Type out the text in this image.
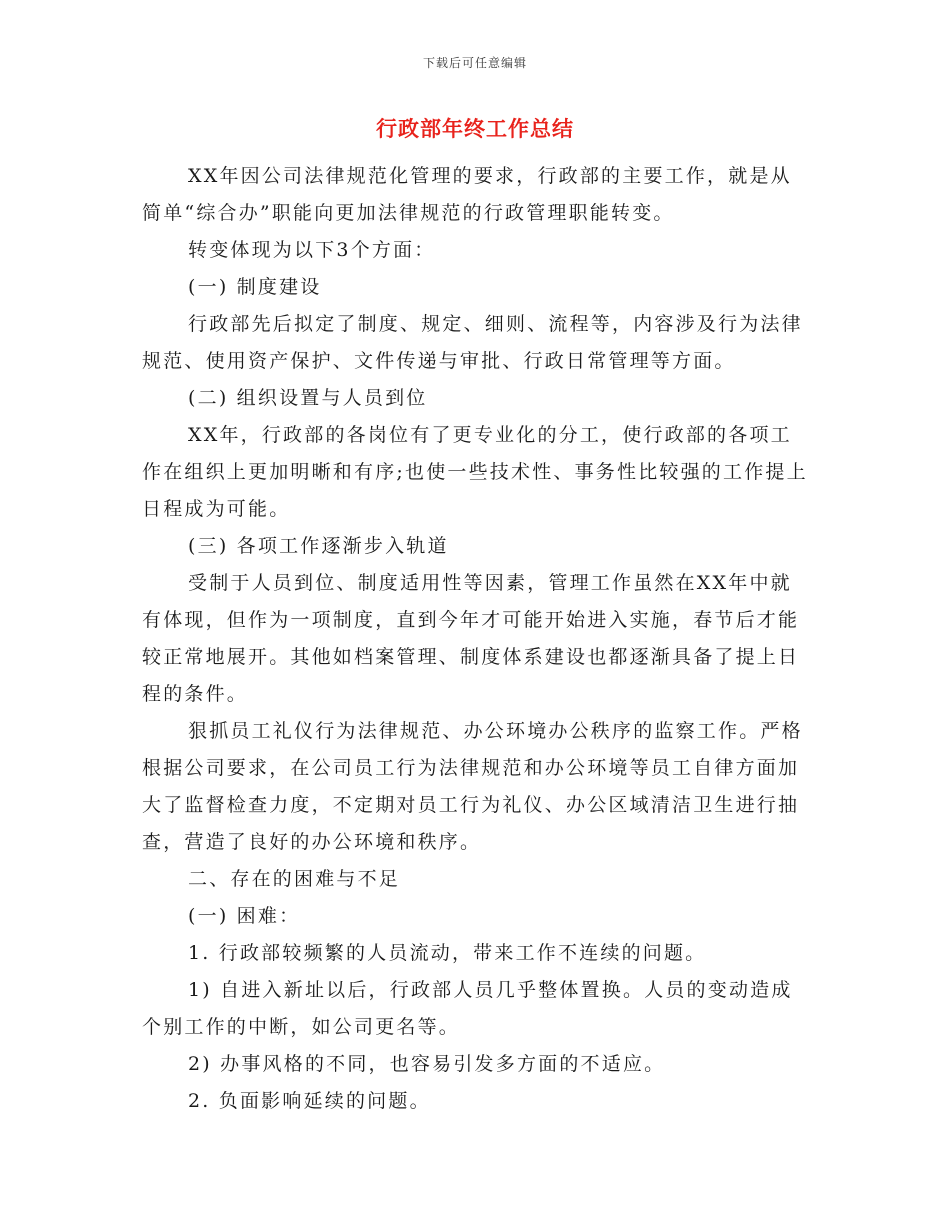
下载后可任意编辑
行政部年终工作总结

XX年因公司法律规范化管理的要求，行政部的主要工作，就是从简单“综合办”职能向更加法律规范的行政管理职能转变。

转变体现为以下3个方面：

(一) 制度建设

行政部先后拟定了制度、规定、细则、流程等，内容涉及行为法律规范、使用资产保护、文件传递与审批、行政日常管理等方面。

(二) 组织设置与人员到位

XX年，行政部的各岗位有了更专业化的分工，使行政部的各项工作在组织上更加明晰和有序;也使一些技术性、事务性比较强的工作提上日程成为可能。

(三) 各项工作逐渐步入轨道

受制于人员到位、制度适用性等因素，管理工作虽然在XX年中就有体现，但作为一项制度，直到今年才可能开始进入实施，春节后才能较正常地展开。其他如档案管理、制度体系建设也都逐渐具备了提上日程的条件。

狠抓员工礼仪行为法律规范、办公环境办公秩序的监察工作。严格根据公司要求，在公司员工行为法律规范和办公环境等员工自律方面加大了监督检查力度，不定期对员工行为礼仪、办公区域清洁卫生进行抽查，营造了良好的办公环境和秩序。

二、存在的困难与不足

(一) 困难：

1. 行政部较频繁的人员流动，带来工作不连续的问题。

1) 自进入新址以后，行政部人员几乎整体置换。人员的变动造成个别工作的中断，如公司更名等。

2) 办事风格的不同，也容易引发多方面的不适应。

2. 负面影响延续的问题。
